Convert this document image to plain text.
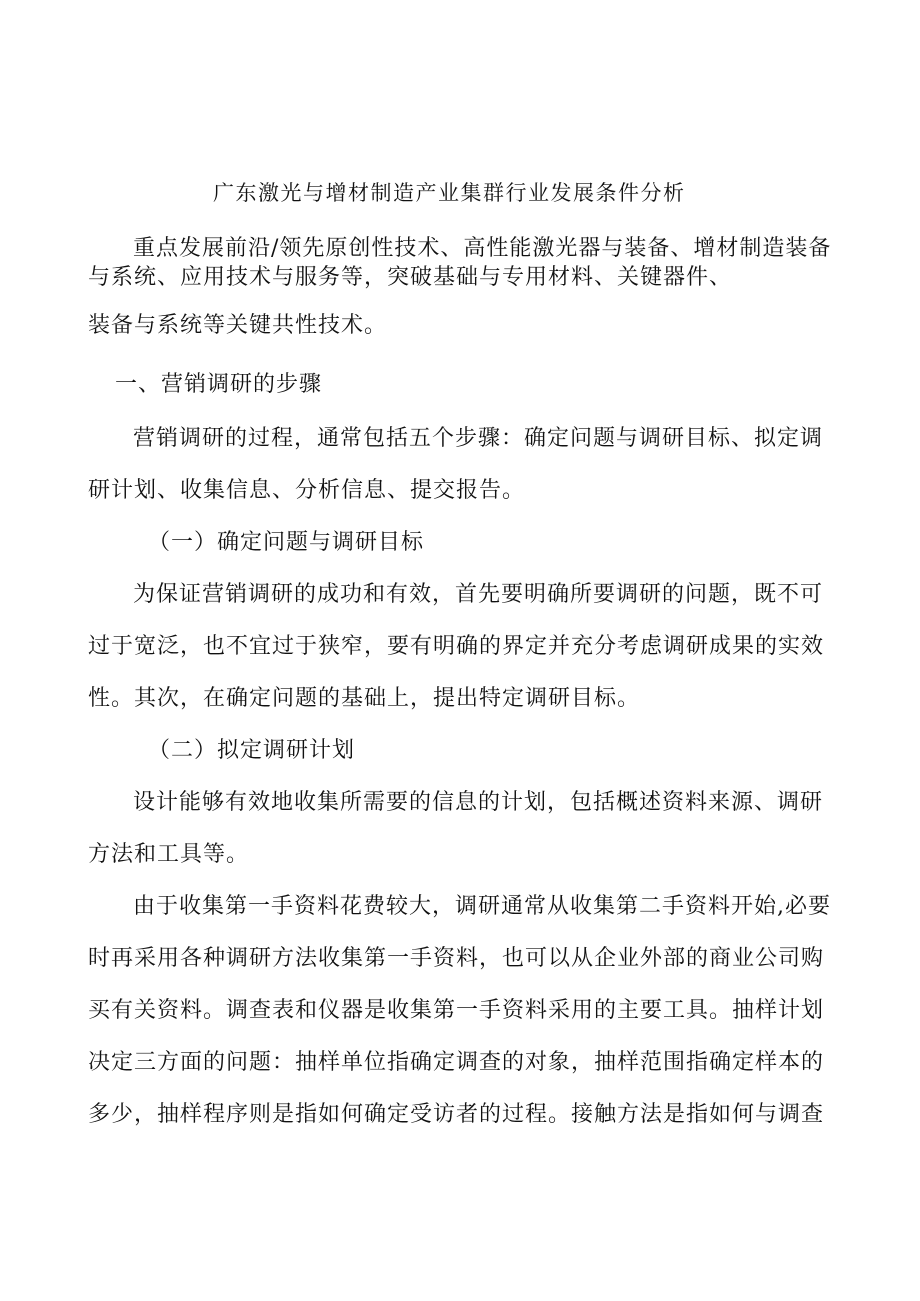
广东激光与增材制造产业集群行业发展条件分析
重点发展前沿/领先原创性技术、高性能激光器与装备、增材制造装备
与系统、应用技术与服务等，突破基础与专用材料、关键器件、
装备与系统等关键共性技术。
一、营销调研的步骤
营销调研的过程，通常包括五个步骤：确定问题与调研目标、拟定调
研计划、收集信息、分析信息、提交报告。
（一）确定问题与调研目标
为保证营销调研的成功和有效，首先要明确所要调研的问题，既不可
过于宽泛，也不宜过于狭窄，要有明确的界定并充分考虑调研成果的实效
性。其次，在确定问题的基础上，提出特定调研目标。
（二）拟定调研计划
设计能够有效地收集所需要的信息的计划，包括概述资料来源、调研
方法和工具等。
由于收集第一手资料花费较大，调研通常从收集第二手资料开始,必要
时再采用各种调研方法收集第一手资料，也可以从企业外部的商业公司购
买有关资料。调查表和仪器是收集第一手资料采用的主要工具。抽样计划
决定三方面的问题：抽样单位指确定调查的对象，抽样范围指确定样本的
多少，抽样程序则是指如何确定受访者的过程。接触方法是指如何与调查
